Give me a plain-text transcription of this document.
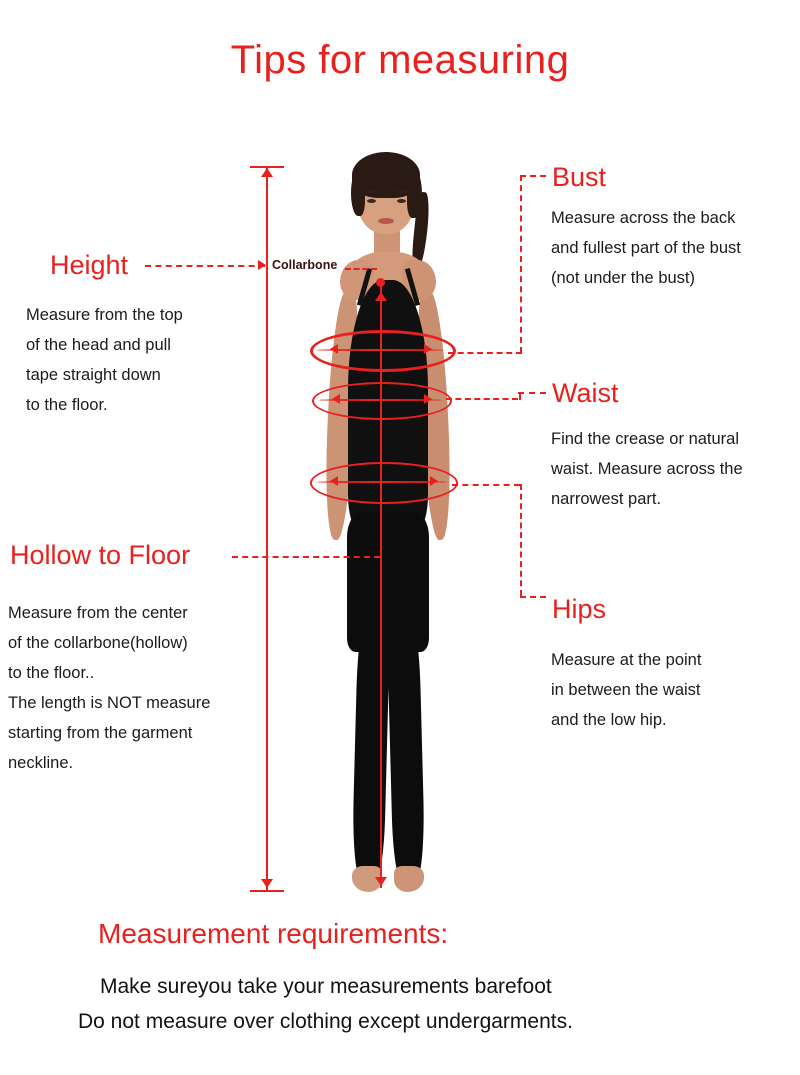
Tips for measuring
Collarbone
Height
Measure from the top
of the head and pull
tape straight down
to the floor.
Hollow to Floor
Measure from the center
of the collarbone(hollow)
to the floor..
The length is NOT measure
starting from the garment
neckline.
Bust
Measure across the back
and fullest part of the bust
(not under the bust)
Waist
Find the crease or natural
waist. Measure across the
narrowest part.
Hips
Measure at the point
in between the waist
and the low hip.
Measurement requirements:
Make sureyou take your measurements barefoot
Do not measure over clothing except undergarments.
